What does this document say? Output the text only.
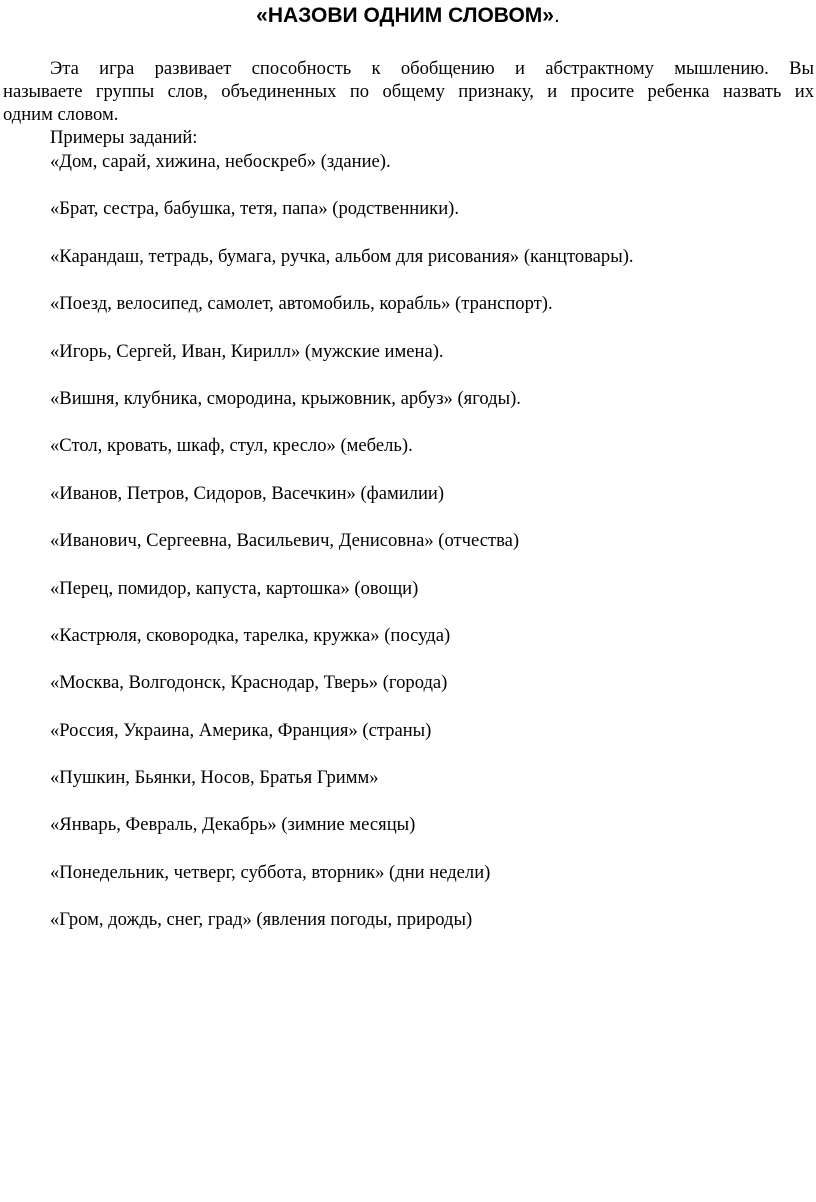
«НАЗОВИ ОДНИМ СЛОВОМ».

Эта игра развивает способность к обобщению и абстрактному мышлению. Вы
называете группы слов, объединенных по общему признаку, и просите ребенка назвать их
одним словом.

Примеры заданий:

«Дом, сарай, хижина, небоскреб» (здание).
«Брат, сестра, бабушка, тетя, папа» (родственники).
«Карандаш, тетрадь, бумага, ручка, альбом для рисования» (канцтовары).
«Поезд, велосипед, самолет, автомобиль, корабль» (транспорт).
«Игорь, Сергей, Иван, Кирилл» (мужские имена).
«Вишня, клубника, смородина, крыжовник, арбуз» (ягоды).
«Стол, кровать, шкаф, стул, кресло» (мебель).
«Иванов, Петров, Сидоров, Васечкин» (фамилии)
«Иванович, Сергеевна, Васильевич, Денисовна» (отчества)
«Перец, помидор, капуста, картошка» (овощи)
«Кастрюля, сковородка, тарелка, кружка» (посуда)
«Москва, Волгодонск, Краснодар, Тверь» (города)
«Россия, Украина, Америка, Франция» (страны)
«Пушкин, Бьянки, Носов, Братья Гримм»
«Январь, Февраль, Декабрь» (зимние месяцы)
«Понедельник, четверг, суббота, вторник» (дни недели)
«Гром, дождь, снег, град» (явления погоды, природы)
